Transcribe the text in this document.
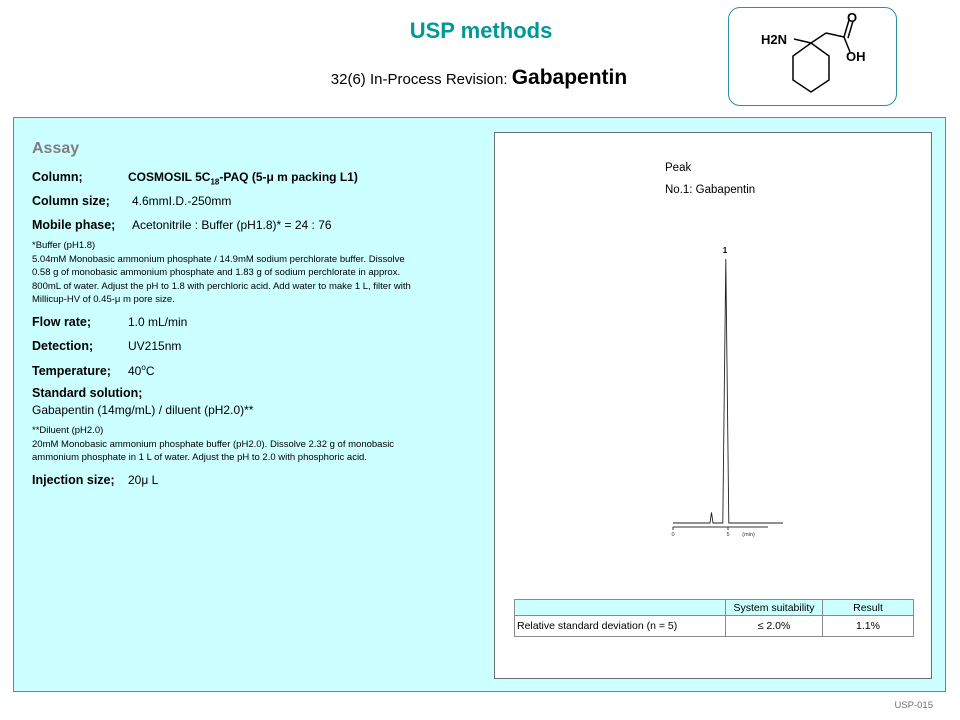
USP methods
32(6) In-Process Revision: Gabapentin
H2N
O
OH
Assay
Column;	COSMOSIL $5C_{18}$-PAQ (5-μ m packing L1)
Column size; 4.6mmI.D.-250mm
Mobile phase; Acetonitrile : Buffer (pH1.8)* = 24 : 76
*Buffer (pH1.8)
5.04mM Monobasic ammonium phosphate / 14.9mM sodium perchlorate buffer. Dissolve
0.58 g of monobasic ammonium phosphate and 1.83 g of sodium perchlorate in approx.
800mL of water. Adjust the pH to 1.8 with perchloric acid. Add water to make 1 L, filter with
Millicup-HV of 0.45-μ m pore size.
Flow rate;	1.0 mL/min
Detection;	UV215nm
Temperature; 40$^o$C
Standard solution;
Gabapentin (14mg/mL) / diluent (pH2.0)**
**Diluent (pH2.0)
20mM Monobasic ammonium phosphate buffer (pH2.0). Dissolve 2.32 g of monobasic
ammonium phosphate in 1 L of water. Adjust the pH to 2.0 with phosphoric acid.
Injection size; 20μ L
Peak
No.1: Gabapentin
0	5 (min)
1
	System suitability	Result
Relative standard deviation (n = 5)	≤ 2.0%	1.1%
USP-015
